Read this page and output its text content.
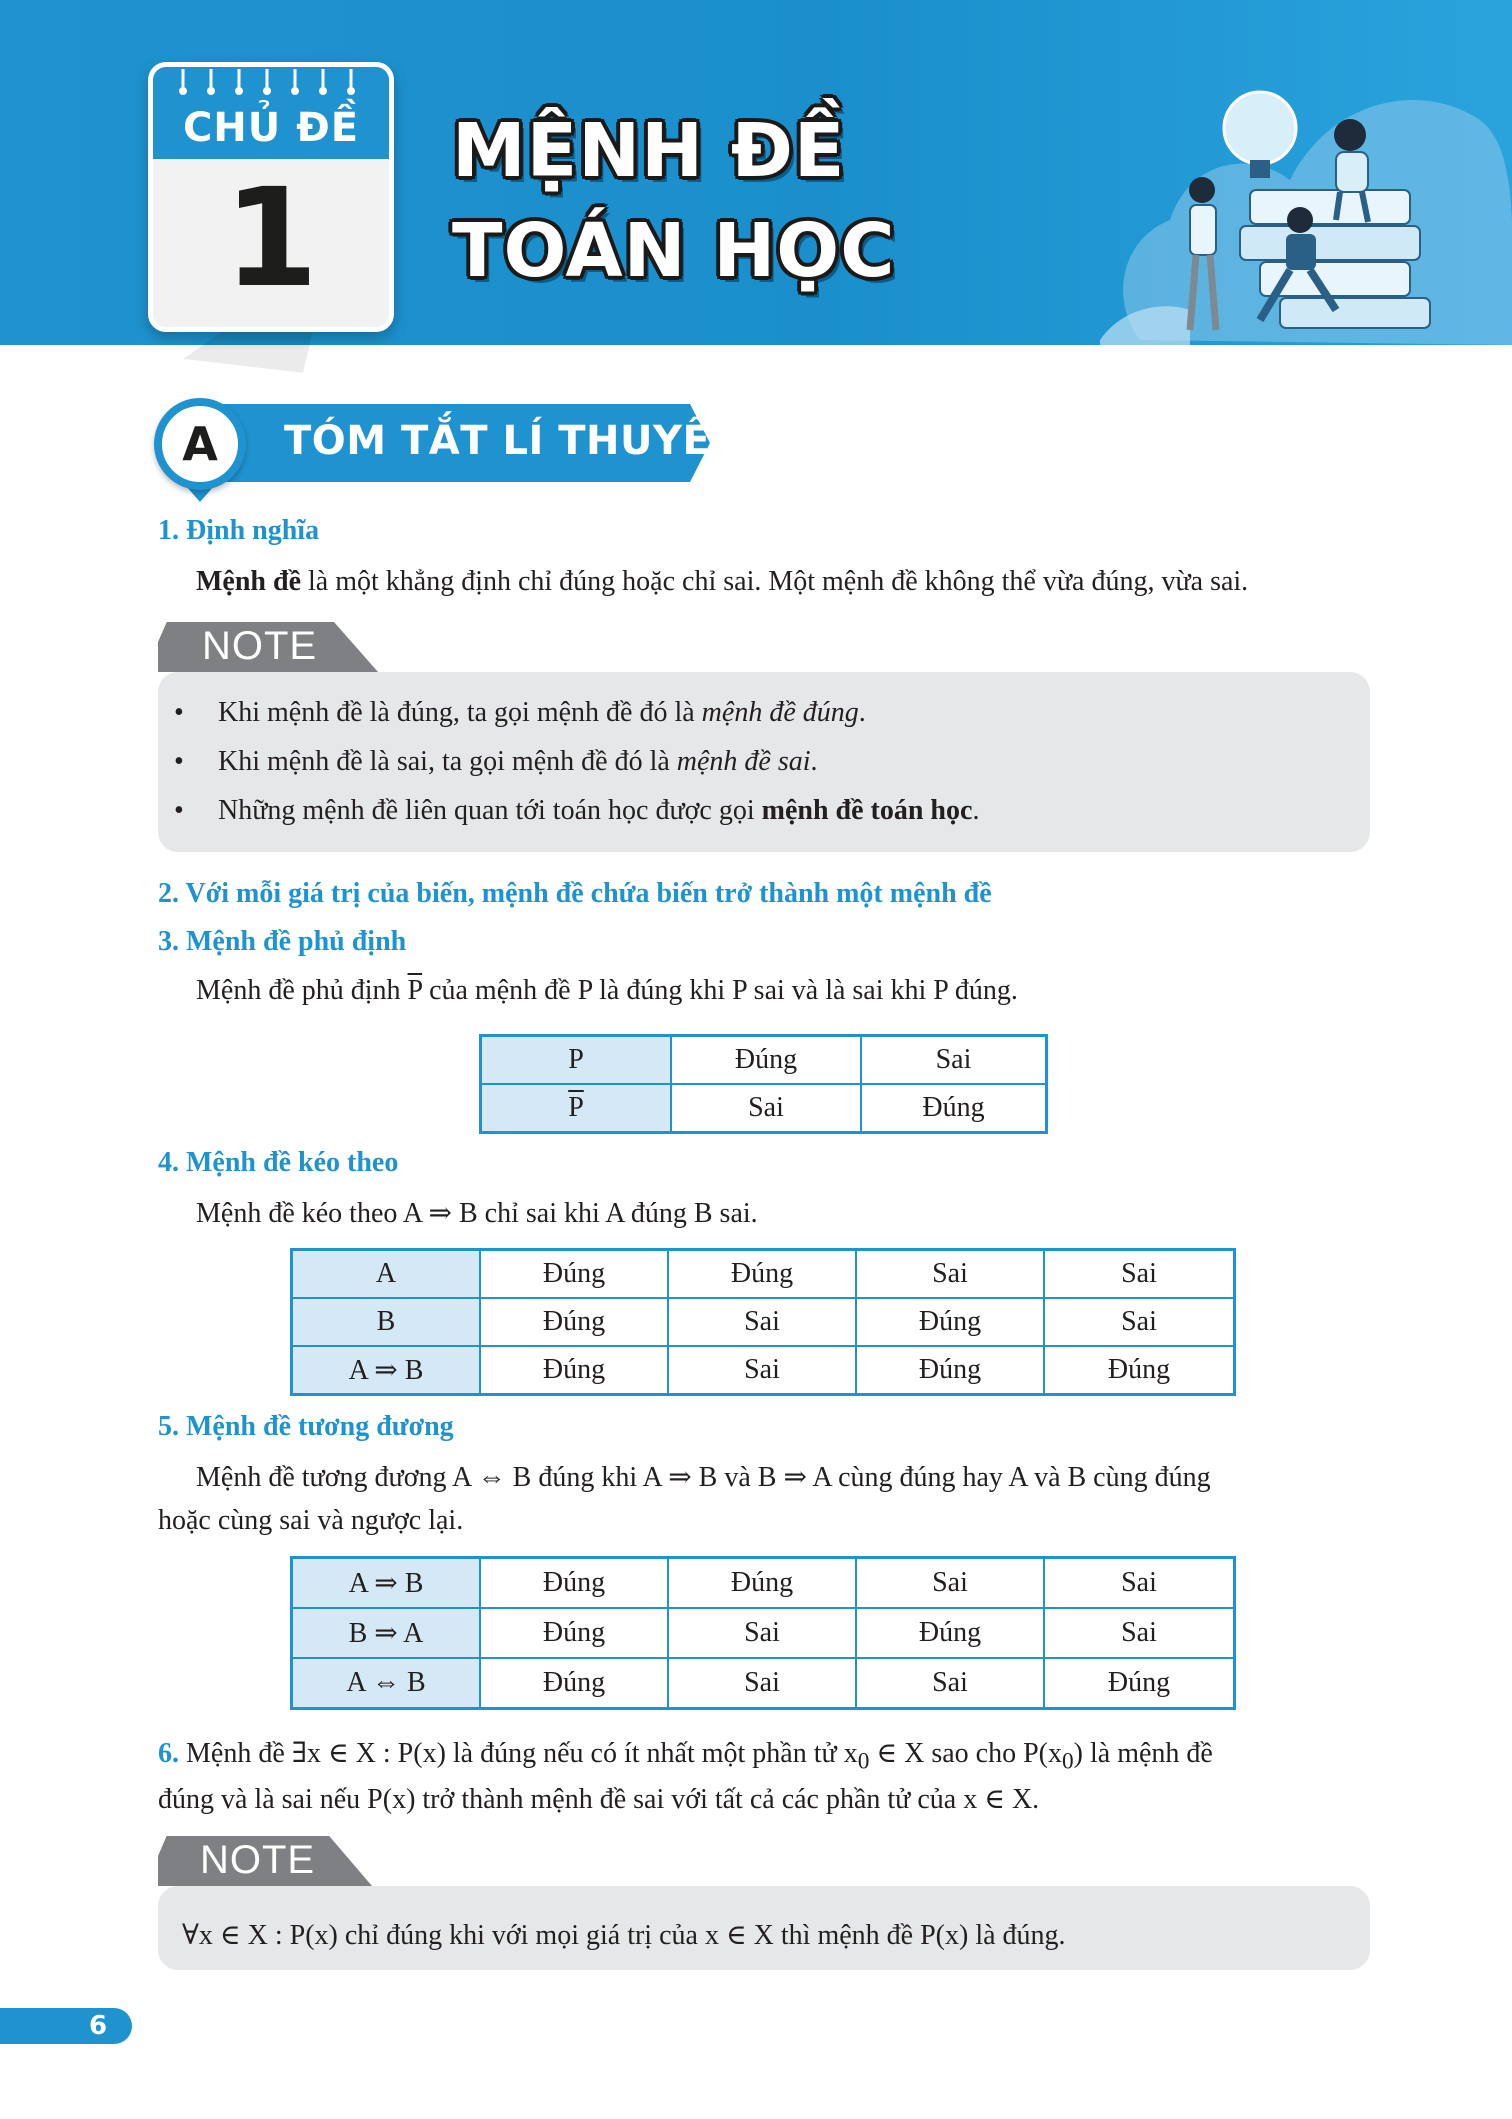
CHỦ ĐỀ
1
MỆNH ĐỀ
TOÁN HỌC
A	TÓM TẮT LÍ THUYẾT
1. Định nghĩa
Mệnh đề là một khẳng định chỉ đúng hoặc chỉ sai. Một mệnh đề không thể vừa đúng, vừa sai.
NOTE
• Khi mệnh đề là đúng, ta gọi mệnh đề đó là mệnh đề đúng.
• Khi mệnh đề là sai, ta gọi mệnh đề đó là mệnh đề sai.
• Những mệnh đề liên quan tới toán học được gọi mệnh đề toán học.
2. Với mỗi giá trị của biến, mệnh đề chứa biến trở thành một mệnh đề
3. Mệnh đề phủ định
Mệnh đề phủ định $\overline{P}$ của mệnh đề P là đúng khi P sai và là sai khi P đúng.
P	Đúng	Sai
$\overline{P}$	Sai	Đúng
4. Mệnh đề kéo theo
Mệnh đề kéo theo A ⇒ B chỉ sai khi A đúng B sai.
A	Đúng	Đúng	Sai	Sai
B	Đúng	Sai	Đúng	Sai
A ⇒ B	Đúng	Sai	Đúng	Đúng
5. Mệnh đề tương đương
Mệnh đề tương đương A ⇔ B đúng khi A ⇒ B và B ⇒ A cùng đúng hay A và B cùng đúng
hoặc cùng sai và ngược lại.
A ⇒ B	Đúng	Đúng	Sai	Sai
B ⇒ A	Đúng	Sai	Đúng	Sai
A ⇔ B	Đúng	Sai	Sai	Đúng
6. Mệnh đề ∃x ∈ X : P(x) là đúng nếu có ít nhất một phần tử $x_0$ ∈ X sao cho $P(x_0)$ là mệnh đề
đúng và là sai nếu P(x) trở thành mệnh đề sai với tất cả các phần tử của x ∈ X.
NOTE
∀x ∈ X : P(x) chỉ đúng khi với mọi giá trị của x ∈ X thì mệnh đề P(x) là đúng.
6
